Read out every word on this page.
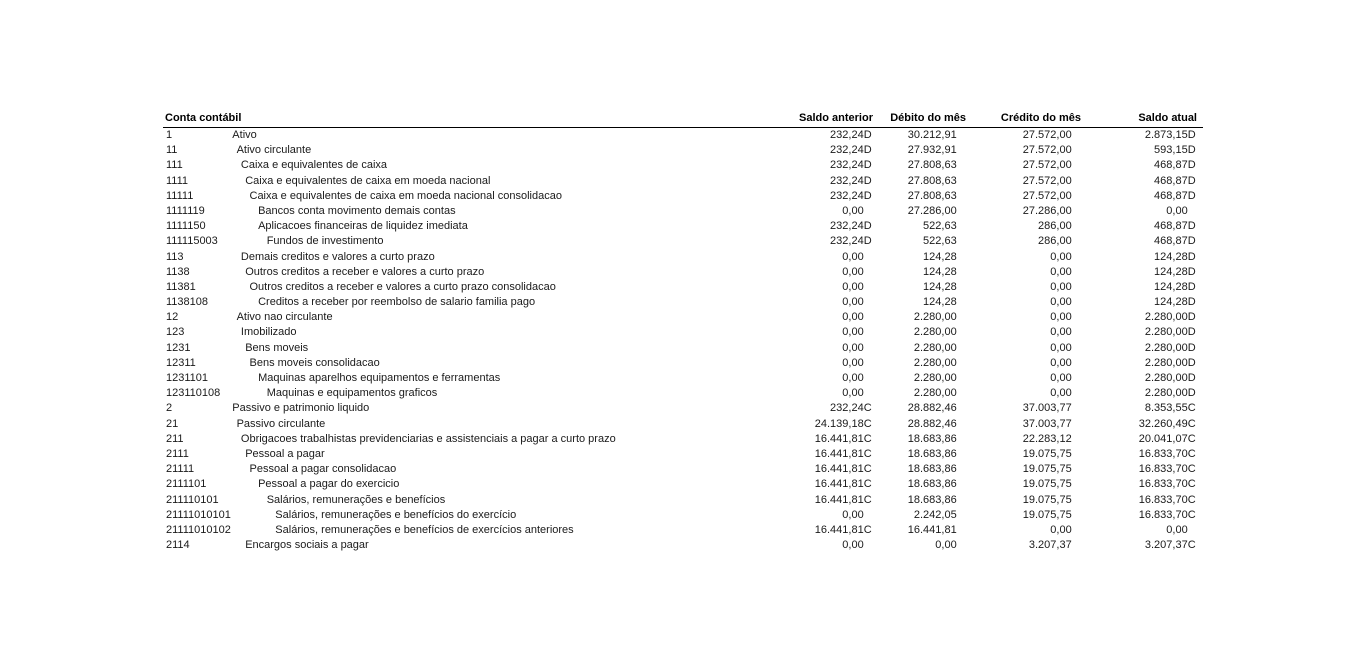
Conta contábil	Saldo anterior	Débito do mês	Crédito do mês	Saldo atual
1	Ativo	232,24 D	30.212,91	27.572,00	2.873,15 D
11	Ativo circulante	232,24 D	27.932,91	27.572,00	593,15 D
111	Caixa e equivalentes de caixa	232,24 D	27.808,63	27.572,00	468,87 D
1111	Caixa e equivalentes de caixa em moeda nacional	232,24 D	27.808,63	27.572,00	468,87 D
11111	Caixa e equivalentes de caixa em moeda nacional consolidacao	232,24 D	27.808,63	27.572,00	468,87 D
1111119	Bancos conta movimento demais contas	0,00	27.286,00	27.286,00	0,00
1111150	Aplicacoes financeiras de liquidez imediata	232,24 D	522,63	286,00	468,87 D
111115003	Fundos de investimento	232,24 D	522,63	286,00	468,87 D
113	Demais creditos e valores a curto prazo	0,00	124,28	0,00	124,28 D
1138	Outros creditos a receber e valores a curto prazo	0,00	124,28	0,00	124,28 D
11381	Outros creditos a receber e valores a curto prazo consolidacao	0,00	124,28	0,00	124,28 D
1138108	Creditos a receber por reembolso de salario familia pago	0,00	124,28	0,00	124,28 D
12	Ativo nao circulante	0,00	2.280,00	0,00	2.280,00 D
123	Imobilizado	0,00	2.280,00	0,00	2.280,00 D
1231	Bens moveis	0,00	2.280,00	0,00	2.280,00 D
12311	Bens moveis consolidacao	0,00	2.280,00	0,00	2.280,00 D
1231101	Maquinas aparelhos equipamentos e ferramentas	0,00	2.280,00	0,00	2.280,00 D
123110108	Maquinas e equipamentos graficos	0,00	2.280,00	0,00	2.280,00 D
2	Passivo e patrimonio liquido	232,24 C	28.882,46	37.003,77	8.353,55 C
21	Passivo circulante	24.139,18 C	28.882,46	37.003,77	32.260,49 C
211	Obrigacoes trabalhistas previdenciarias e assistenciais a pagar a curto prazo	16.441,81 C	18.683,86	22.283,12	20.041,07 C
2111	Pessoal a pagar	16.441,81 C	18.683,86	19.075,75	16.833,70 C
21111	Pessoal a pagar consolidacao	16.441,81 C	18.683,86	19.075,75	16.833,70 C
2111101	Pessoal a pagar do exercicio	16.441,81 C	18.683,86	19.075,75	16.833,70 C
211110101	Salários, remunerações e benefícios	16.441,81 C	18.683,86	19.075,75	16.833,70 C
21111010101	Salários, remunerações e benefícios do exercício	0,00	2.242,05	19.075,75	16.833,70 C
21111010102	Salários, remunerações e benefícios de exercícios anteriores	16.441,81 C	16.441,81	0,00	0,00
2114	Encargos sociais a pagar	0,00	0,00	3.207,37	3.207,37 C
